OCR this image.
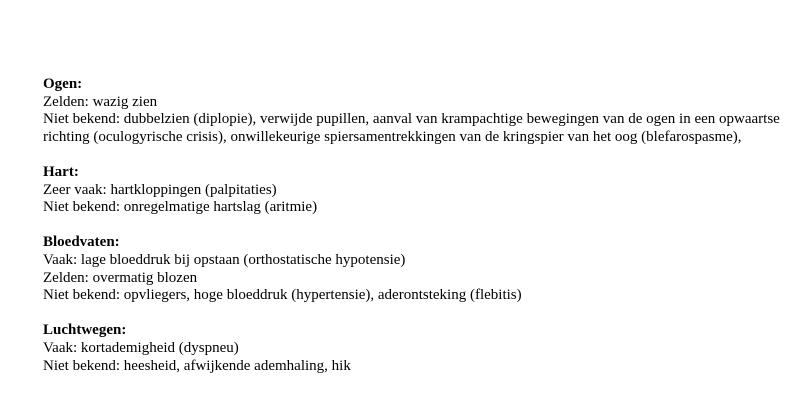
Ogen:
Zelden: wazig zien
Niet bekend: dubbelzien (diplopie), verwijde pupillen, aanval van krampachtige bewegingen van de ogen in een opwaartse richting (oculogyrische crisis), onwillekeurige spiersamentrekkingen van de kringspier van het oog (blefarospasme),
Hart:
Zeer vaak: hartkloppingen (palpitaties)
Niet bekend: onregelmatige hartslag (aritmie)
Bloedvaten:
Vaak: lage bloeddruk bij opstaan (orthostatische hypotensie)
Zelden: overmatig blozen
Niet bekend: opvliegers, hoge bloeddruk (hypertensie), aderontsteking (flebitis)
Luchtwegen:
Vaak: kortademigheid (dyspneu)
Niet bekend: heesheid, afwijkende ademhaling, hik
